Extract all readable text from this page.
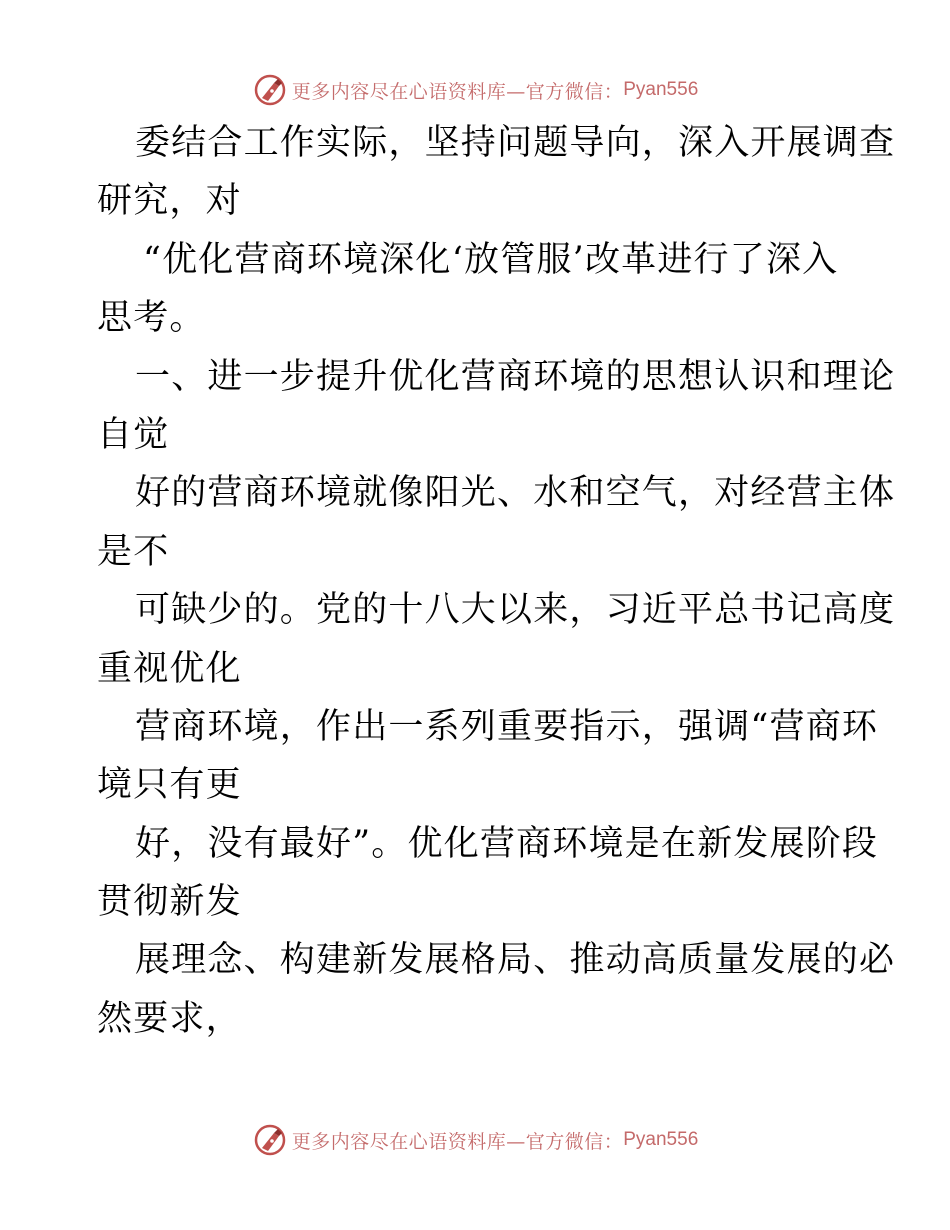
更多内容尽在心语资料库—官方微信： Pyan556
委结合工作实际，坚持问题导向，深入开展调查
研究，对
“优化营商环境深化‘放管服’改革进行了深入
思考。
一、进一步提升优化营商环境的思想认识和理论
自觉
好的营商环境就像阳光、水和空气，对经营主体
是不
可缺少的。党的十八大以来，习近平总书记高度
重视优化
营商环境，作出一系列重要指示，强调“营商环
境只有更
好，没有最好”。优化营商环境是在新发展阶段
贯彻新发
展理念、构建新发展格局、推动高质量发展的必
然要求，
更多内容尽在心语资料库—官方微信： Pyan556
